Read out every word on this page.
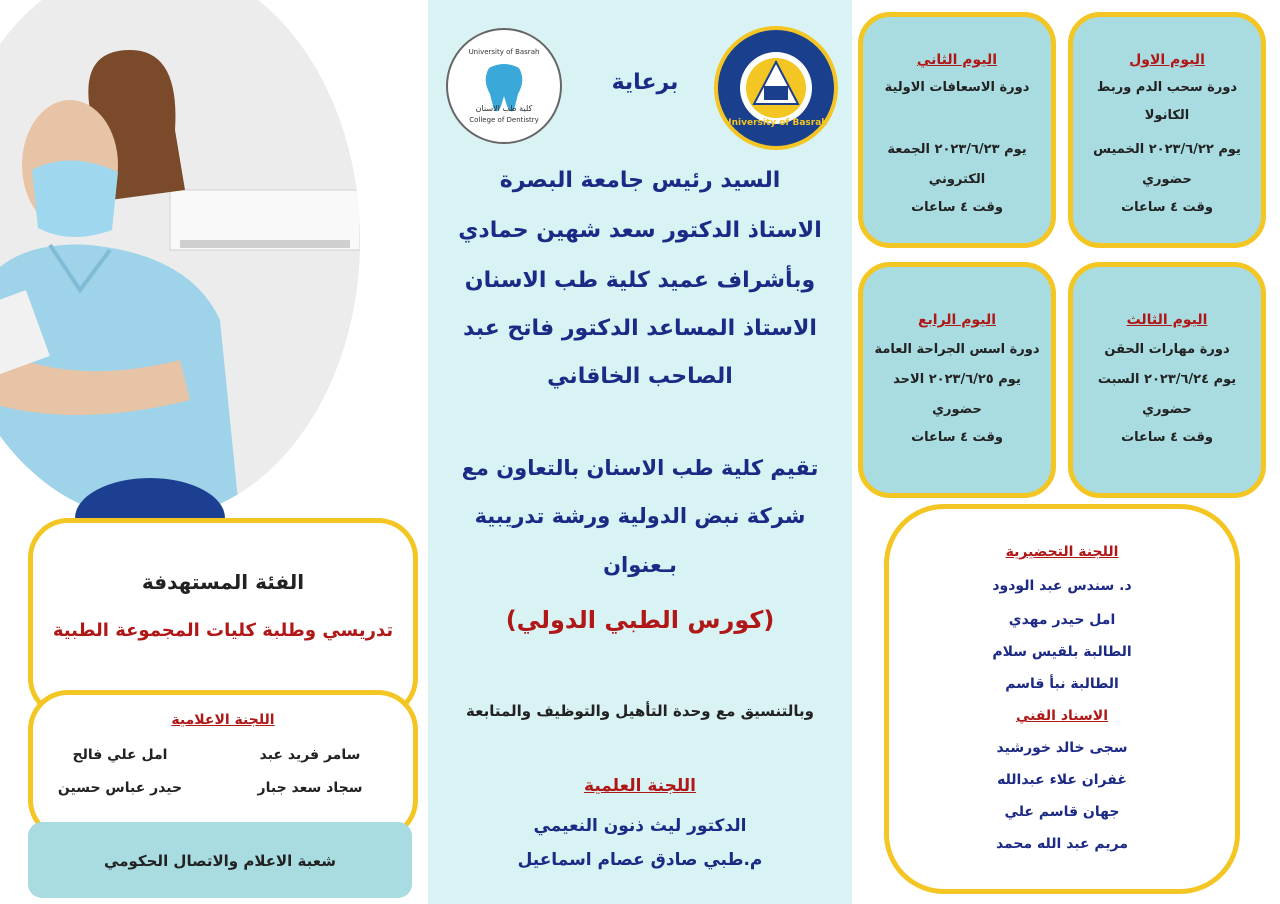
الفئة المستهدفة
تدريسي وطلبة كليات المجموعة الطبية
اللجنة الاعلامية
سامر فريد عبد
امل علي فالح
سجاد سعد جبار
حيدر عباس حسين
شعبة الاعلام والاتصال الحكومي
University of Basrah
University of Basrah
كلية طب الاسنان
College of Dentistry
برعاية
السيد رئيس جامعة البصرة
الاستاذ الدكتور سعد شهين حمادي
وبأشراف عميد كلية طب الاسنان
الاستاذ المساعد الدكتور فاتح عبد
الصاحب الخاقاني
تقيم كلية طب الاسنان بالتعاون مع
شركة نبض الدولية ورشة تدريبية
بـعنوان
(كورس الطبي الدولي)
وبالتنسيق مع وحدة التأهيل والتوظيف والمتابعة
اللجنة العلمية
الدكتور ليث ذنون النعيمي
م.طبي صادق عصام اسماعيل
اليوم الاول
دورة سحب الدم وربط
الكانولا
يوم ٢٠٢٣/٦/٢٢ الخميس
حضوري
وقت ٤ ساعات
اليوم الثاني
دورة الاسعافات الاولية
يوم ٢٠٢٣/٦/٢٣ الجمعة
الكتروني
وقت ٤ ساعات
اليوم الثالث
دورة مهارات الحقن
يوم ٢٠٢٣/٦/٢٤ السبت
حضوري
وقت ٤ ساعات
اليوم الرابع
دورة اسس الجراحة العامة
يوم ٢٠٢٣/٦/٢٥ الاحد
حضوري
وقت ٤ ساعات
اللجنة التحضيرية
د. سندس عبد الودود
امل حيدر مهدي
الطالبة بلقيس سلام
الطالبة نبأ قاسم
الاسناد الفني
سجى خالد خورشيد
غفران علاء عبدالله
جهان قاسم علي
مريم عبد الله محمد
